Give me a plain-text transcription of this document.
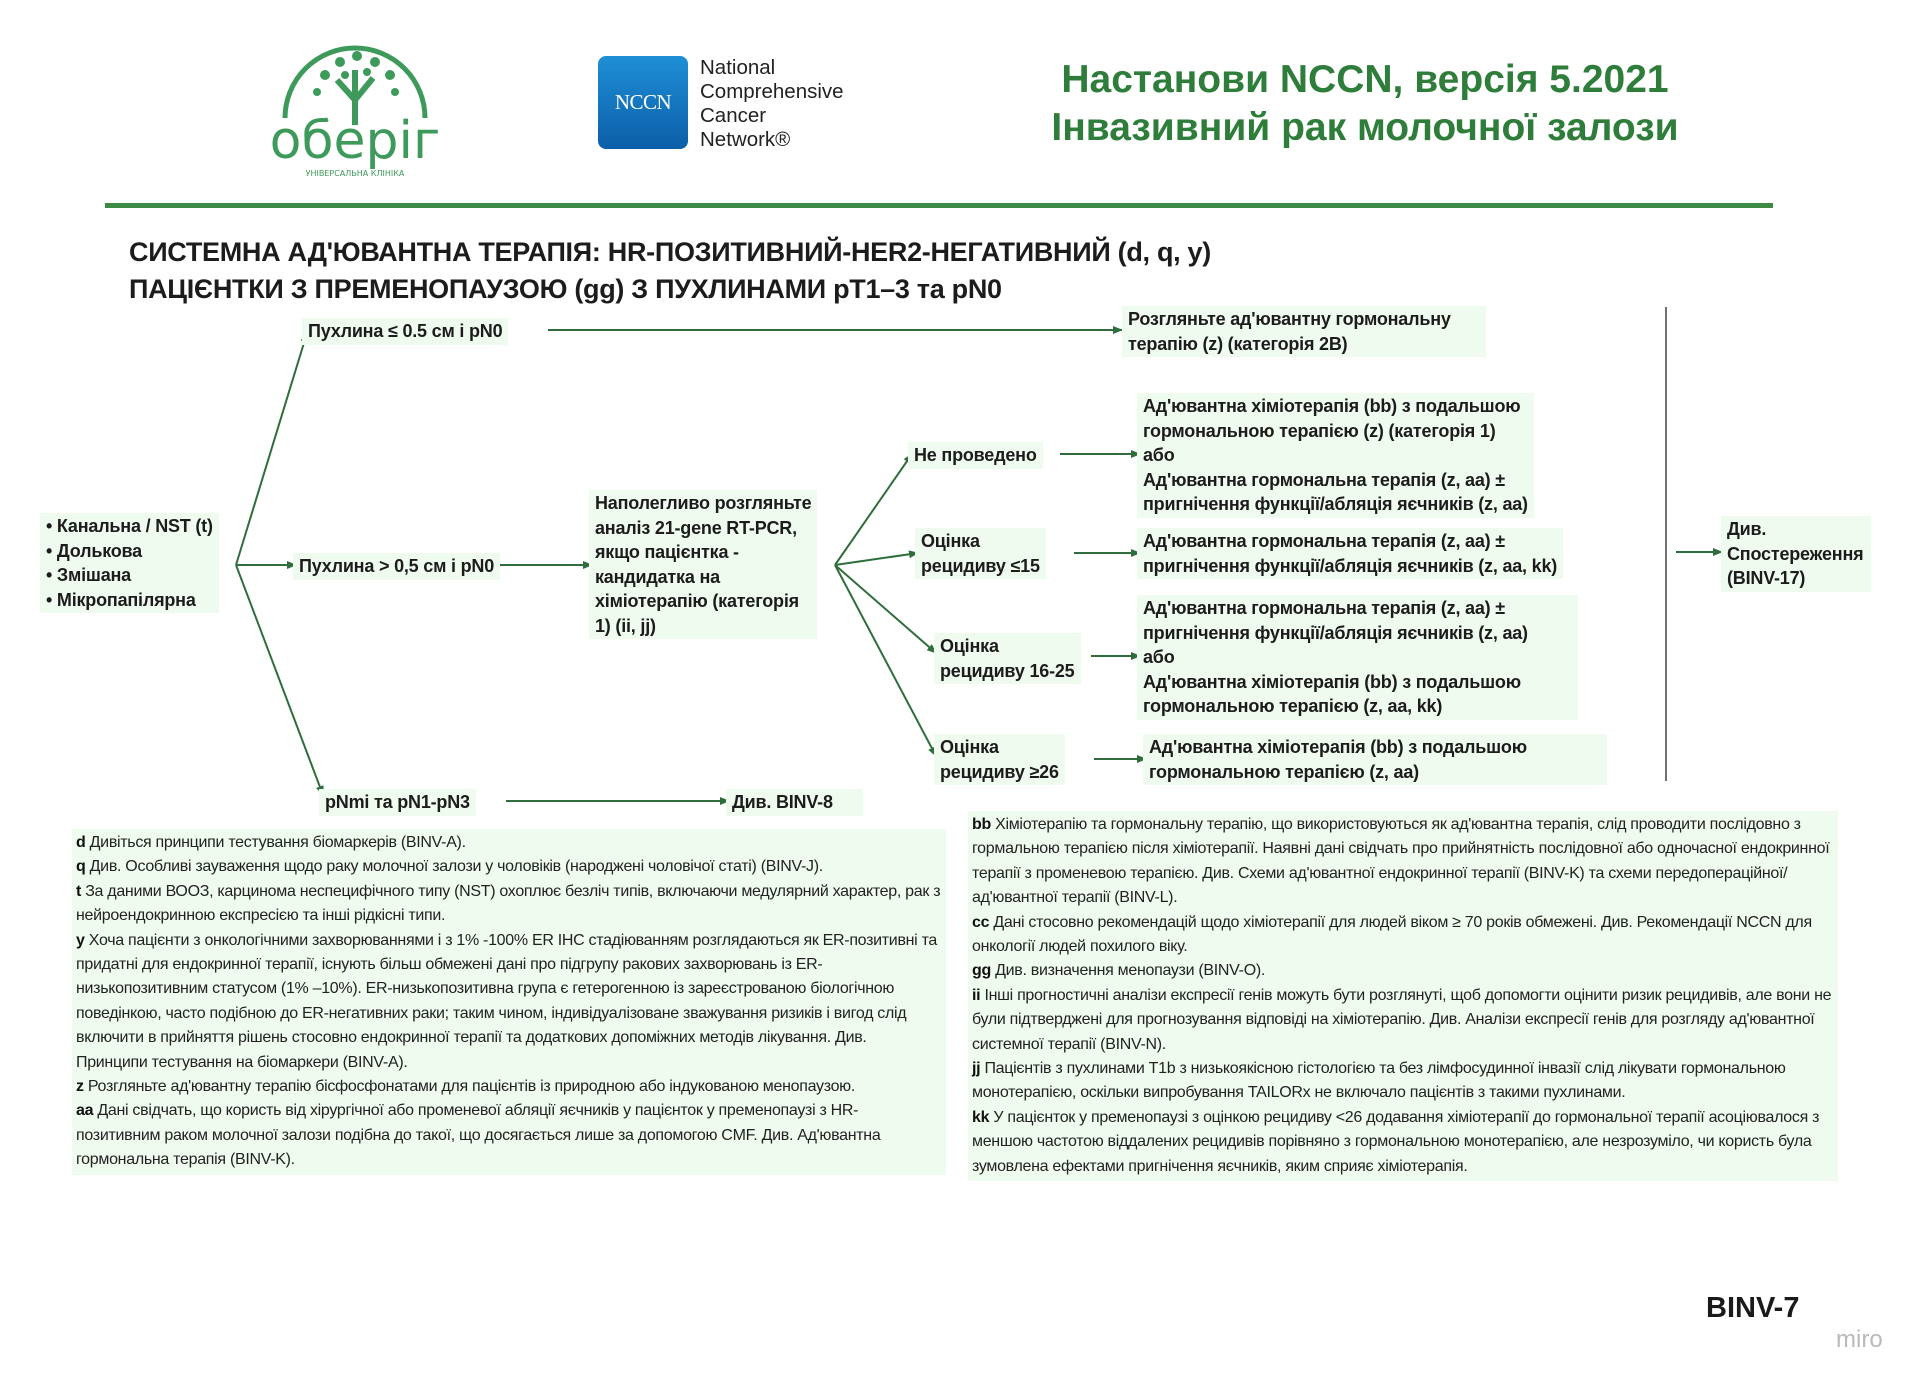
оберіг
УНІВЕРСАЛЬНА КЛІНІКА
NCCN
National
Comprehensive
Cancer
Network®
Настанови NCCN, версія 5.2021
Інвазивний рак молочної залози
СИСТЕМНА АД'ЮВАНТНА ТЕРАПІЯ: HR-ПОЗИТИВНИЙ-HER2-НЕГАТИВНИЙ (d, q, y)
ПАЦІЄНТКИ З ПРЕМЕНОПАУЗОЮ (gg) З ПУХЛИНАМИ pT1–3 та pN0
• Канальна / NST (t)
• Долькова
• Змішана
• Мікропапілярна
Пухлина ≤ 0.5 см і pN0
Пухлина > 0,5 см і pN0
pNmi та pN1-pN3	Див. BINV-8
Розгляньте ад'ювантну гормональну
терапію (z) (категорія 2B)
Наполегливо розгляньте
аналіз 21-gene RT-PCR,
якщо пацієнтка -
кандидатка на
хіміотерапію (категорія
1) (ii, jj)
Не проведено
Оцінка
рецидиву ≤15
Оцінка
рецидиву 16-25
Оцінка
рецидиву ≥26
Ад'ювантна хіміотерапія (bb) з подальшою
гормональною терапією (z) (категорія 1)
або
Ад'ювантна гормональна терапія (z, aa) ±
пригнічення функції/абляція яєчників (z, aa)
Ад'ювантна гормональна терапія (z, aa) ±
пригнічення функції/абляція яєчників (z, aa, kk)
Ад'ювантна гормональна терапія (z, aa) ±
пригнічення функції/абляція яєчників (z, aa)
або
Ад'ювантна хіміoтерапія (bb) з подальшою
гормональною терапією (z, aa, kk)
Ад'ювантна хіміoтерапія (bb) з подальшою
гормональною терапією (z, aa)
Див.
Спостереження
(BINV-17)

d Дивіться принципи тестування біомаркерів (BINV-A).

q Див. Особливі зауваження щодо раку молочної залози у чоловіків (народжені чоловічої статі) (BINV-J).

t За даними ВООЗ, карцинома неспецифічного типу (NST) охоплює безліч типів, включаючи медулярний характер, рак з нейроендокринною експресією та інші рідкісні типи.

y Хоча пацієнти з онкологічними захворюваннями і з 1% -100% ER IHC стадіюванням розглядаються як ER-позитивні та придатні для ендокринної терапії, існують більш обмежені дані про підгрупу ракових захворювань із ER-низькопозитивним статусом (1% –10%). ER-низькопозитивна група є гетерогенною із зареєстрованою біологічною поведінкою, часто подібною до ER-негативних раки; таким чином, індивідуалізоване зважування ризиків і вигод слід включити в прийняття рішень стосовно ендокринної терапії та додаткових допоміжних методів лікування. Див. Принципи тестування на біомаркери (BINV-A).

z Розгляньте ад'ювантну терапію бісфосфонатами для пацієнтів із природною або індукованою менопаузою.

aa Дані свідчать, що користь від хірургічної або променевої абляції яєчників у пацієнток у пременопаузі з HR-позитивним раком молочної залози подібна до такої, що досягається лише за допомогою CMF. Див. Ад'ювантна гормональна терапія (BINV-K).

bb Хіміотерапію та гормональну терапію, що використовуються як ад'ювантна терапія, слід проводити послідовно з гормальною терапією після хіміотерапії. Наявні дані свідчать про прийнятність послідовної або одночасної ендокринної терапії з променевою терапією. Див. Схеми ад'ювантної ендокринної терапії (BINV-K) та схеми передопераційної/ ад'ювантної терапії (BINV-L).

cc Дані стосовно рекомендацій щодо хіміотерапії для людей віком ≥ 70 років обмежені. Див. Рекомендації NCCN для онкології людей похилого віку.

gg Див. визначення менопаузи (BINV-O).

ii Інші прогностичні аналізи експресії генів можуть бути розглянуті, щоб допомогти оцінити ризик рецидивів, але вони не були підтверджені для прогнозування відповіді на хіміотерапію. Див. Аналізи експресії генів для розгляду ад'ювантної системної терапії (BINV-N).

jj Пацієнтів з пухлинами T1b з низькоякісною гістологією та без лімфосудинної інвазії слід лікувати гормональною монотерапією, оскільки випробування TAILORx не включало пацієнтів з такими пухлинами.

kk У пацієнток у пременопаузі з оцінкою рецидиву <26 додавання хіміотерапії до гормональної терапії асоціювалося з меншою частотою віддалених рецидивів порівняно з гормональною монотерапією, але незрозуміло, чи користь була зумовлена ефектами пригнічення яєчників, яким сприяє хіміотерапія.

BINV-7
miro
